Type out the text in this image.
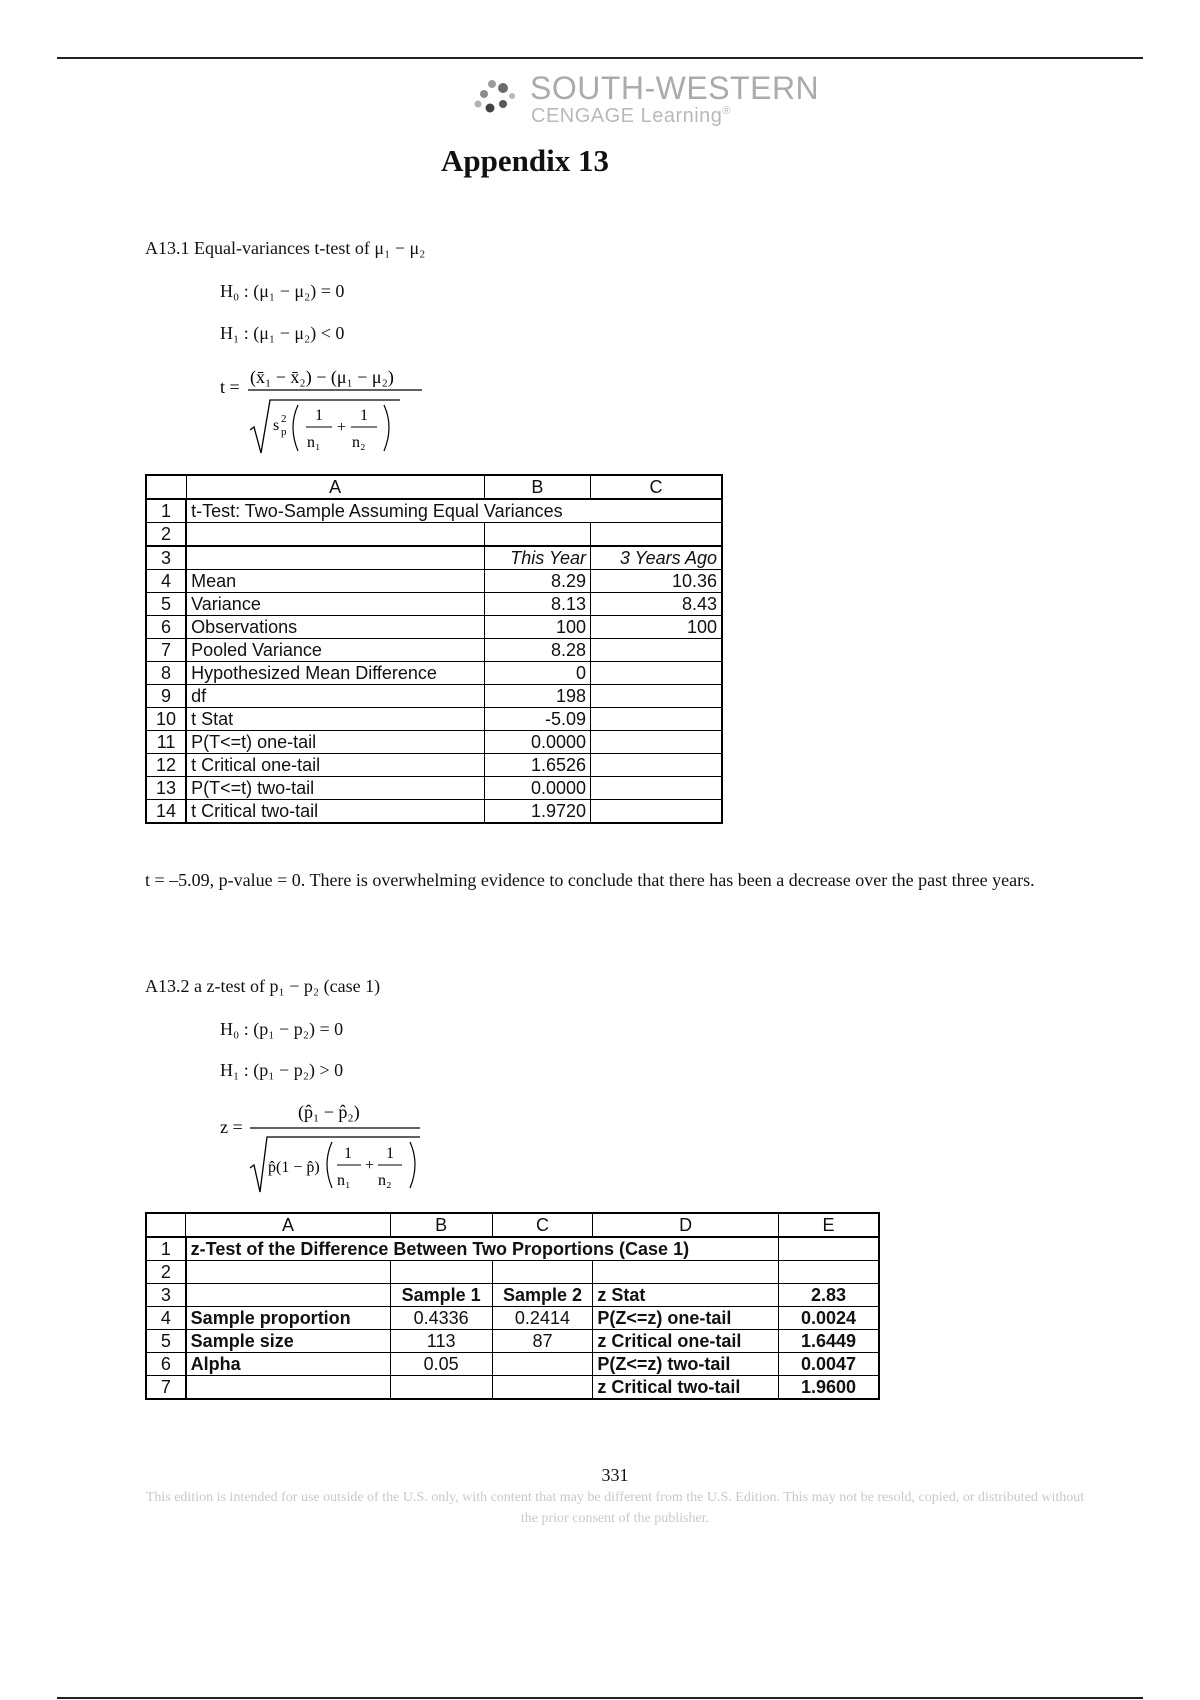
SOUTH-WESTERN
CENGAGE Learning®
Appendix 13
A13.1 Equal-variances t-test of μ₁ − μ₂
H₀ : (μ₁ − μ₂) = 0
H₁ : (μ₁ − μ₂) < 0
t = (x̄₁ − x̄₂) − (μ₁ − μ₂)
s 2
p
1
n₁
+
1
n₂
	A	B	C
1	t-Test: Two-Sample Assuming Equal Variances		
2			
3		This Year	3 Years Ago
4	Mean	8.29	10.36
5	Variance	8.13	8.43
6	Observations	100	100
7	Pooled Variance	8.28	
8	Hypothesized Mean Difference	0	
9	df	198	
10	t Stat	-5.09	
11	P(T<=t) one-tail	0.0000	
12	t Critical one-tail	1.6526	
13	P(T<=t) two-tail	0.0000	
14	t Critical two-tail	1.9720	
t = –5.09, p-value = 0. There is overwhelming evidence to conclude that there has been a decrease over the past three years.
A13.2 a z-test of p₁ − p₂ (case 1)
H₀ : (p₁ − p₂) = 0
H₁ : (p₁ − p₂) > 0
z =
(p̂₁ − p̂₂)
p̂(1 − p̂)
1
n₁
+
1
n₂
	A	B	C	D	E
1	z-Test of the Difference Between Two Proportions (Case 1)				
2					
3		Sample 1	Sample 2	z Stat	2.83
4	Sample proportion	0.4336	0.2414	P(Z<=z) one-tail	0.0024
5	Sample size	113	87	z Critical one-tail	1.6449
6	Alpha	0.05		P(Z<=z) two-tail	0.0047
7				z Critical two-tail	1.9600
331
This edition is intended for use outside of the U.S. only, with content that may be different from the U.S. Edition. This may not be resold, copied, or distributed without the prior consent of the publisher.
